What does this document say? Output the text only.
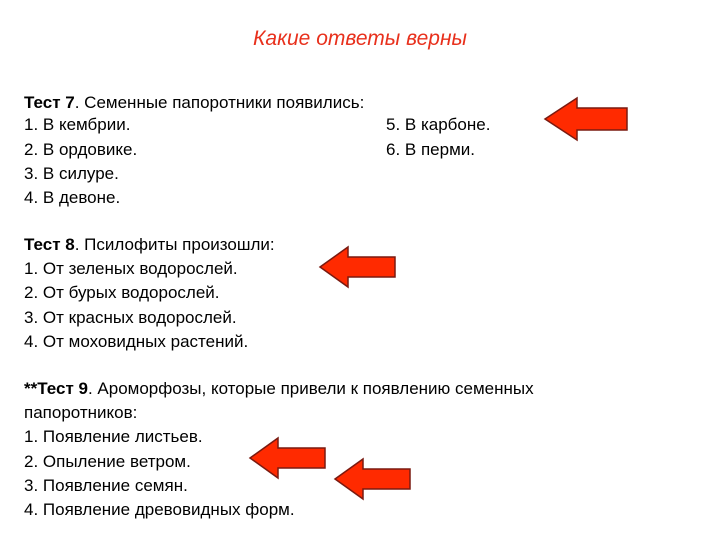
Какие ответы верны
Тест 7. Семенные папоротники появились:
1. В кембрии.	5. В карбоне.
2. В ордовике.	6. В перми.
3. В силуре.
4. В девоне.
Тест 8. Псилофиты произошли:
1. От зеленых водорослей.
2. От бурых водорослей.
3. От красных водорослей.
4. От моховидных растений.
**Тест 9. Ароморфозы, которые привели к появлению семенных
папоротников:
1. Появление листьев.
2. Опыление ветром.
3. Появление семян.
4. Появление древовидных форм.
